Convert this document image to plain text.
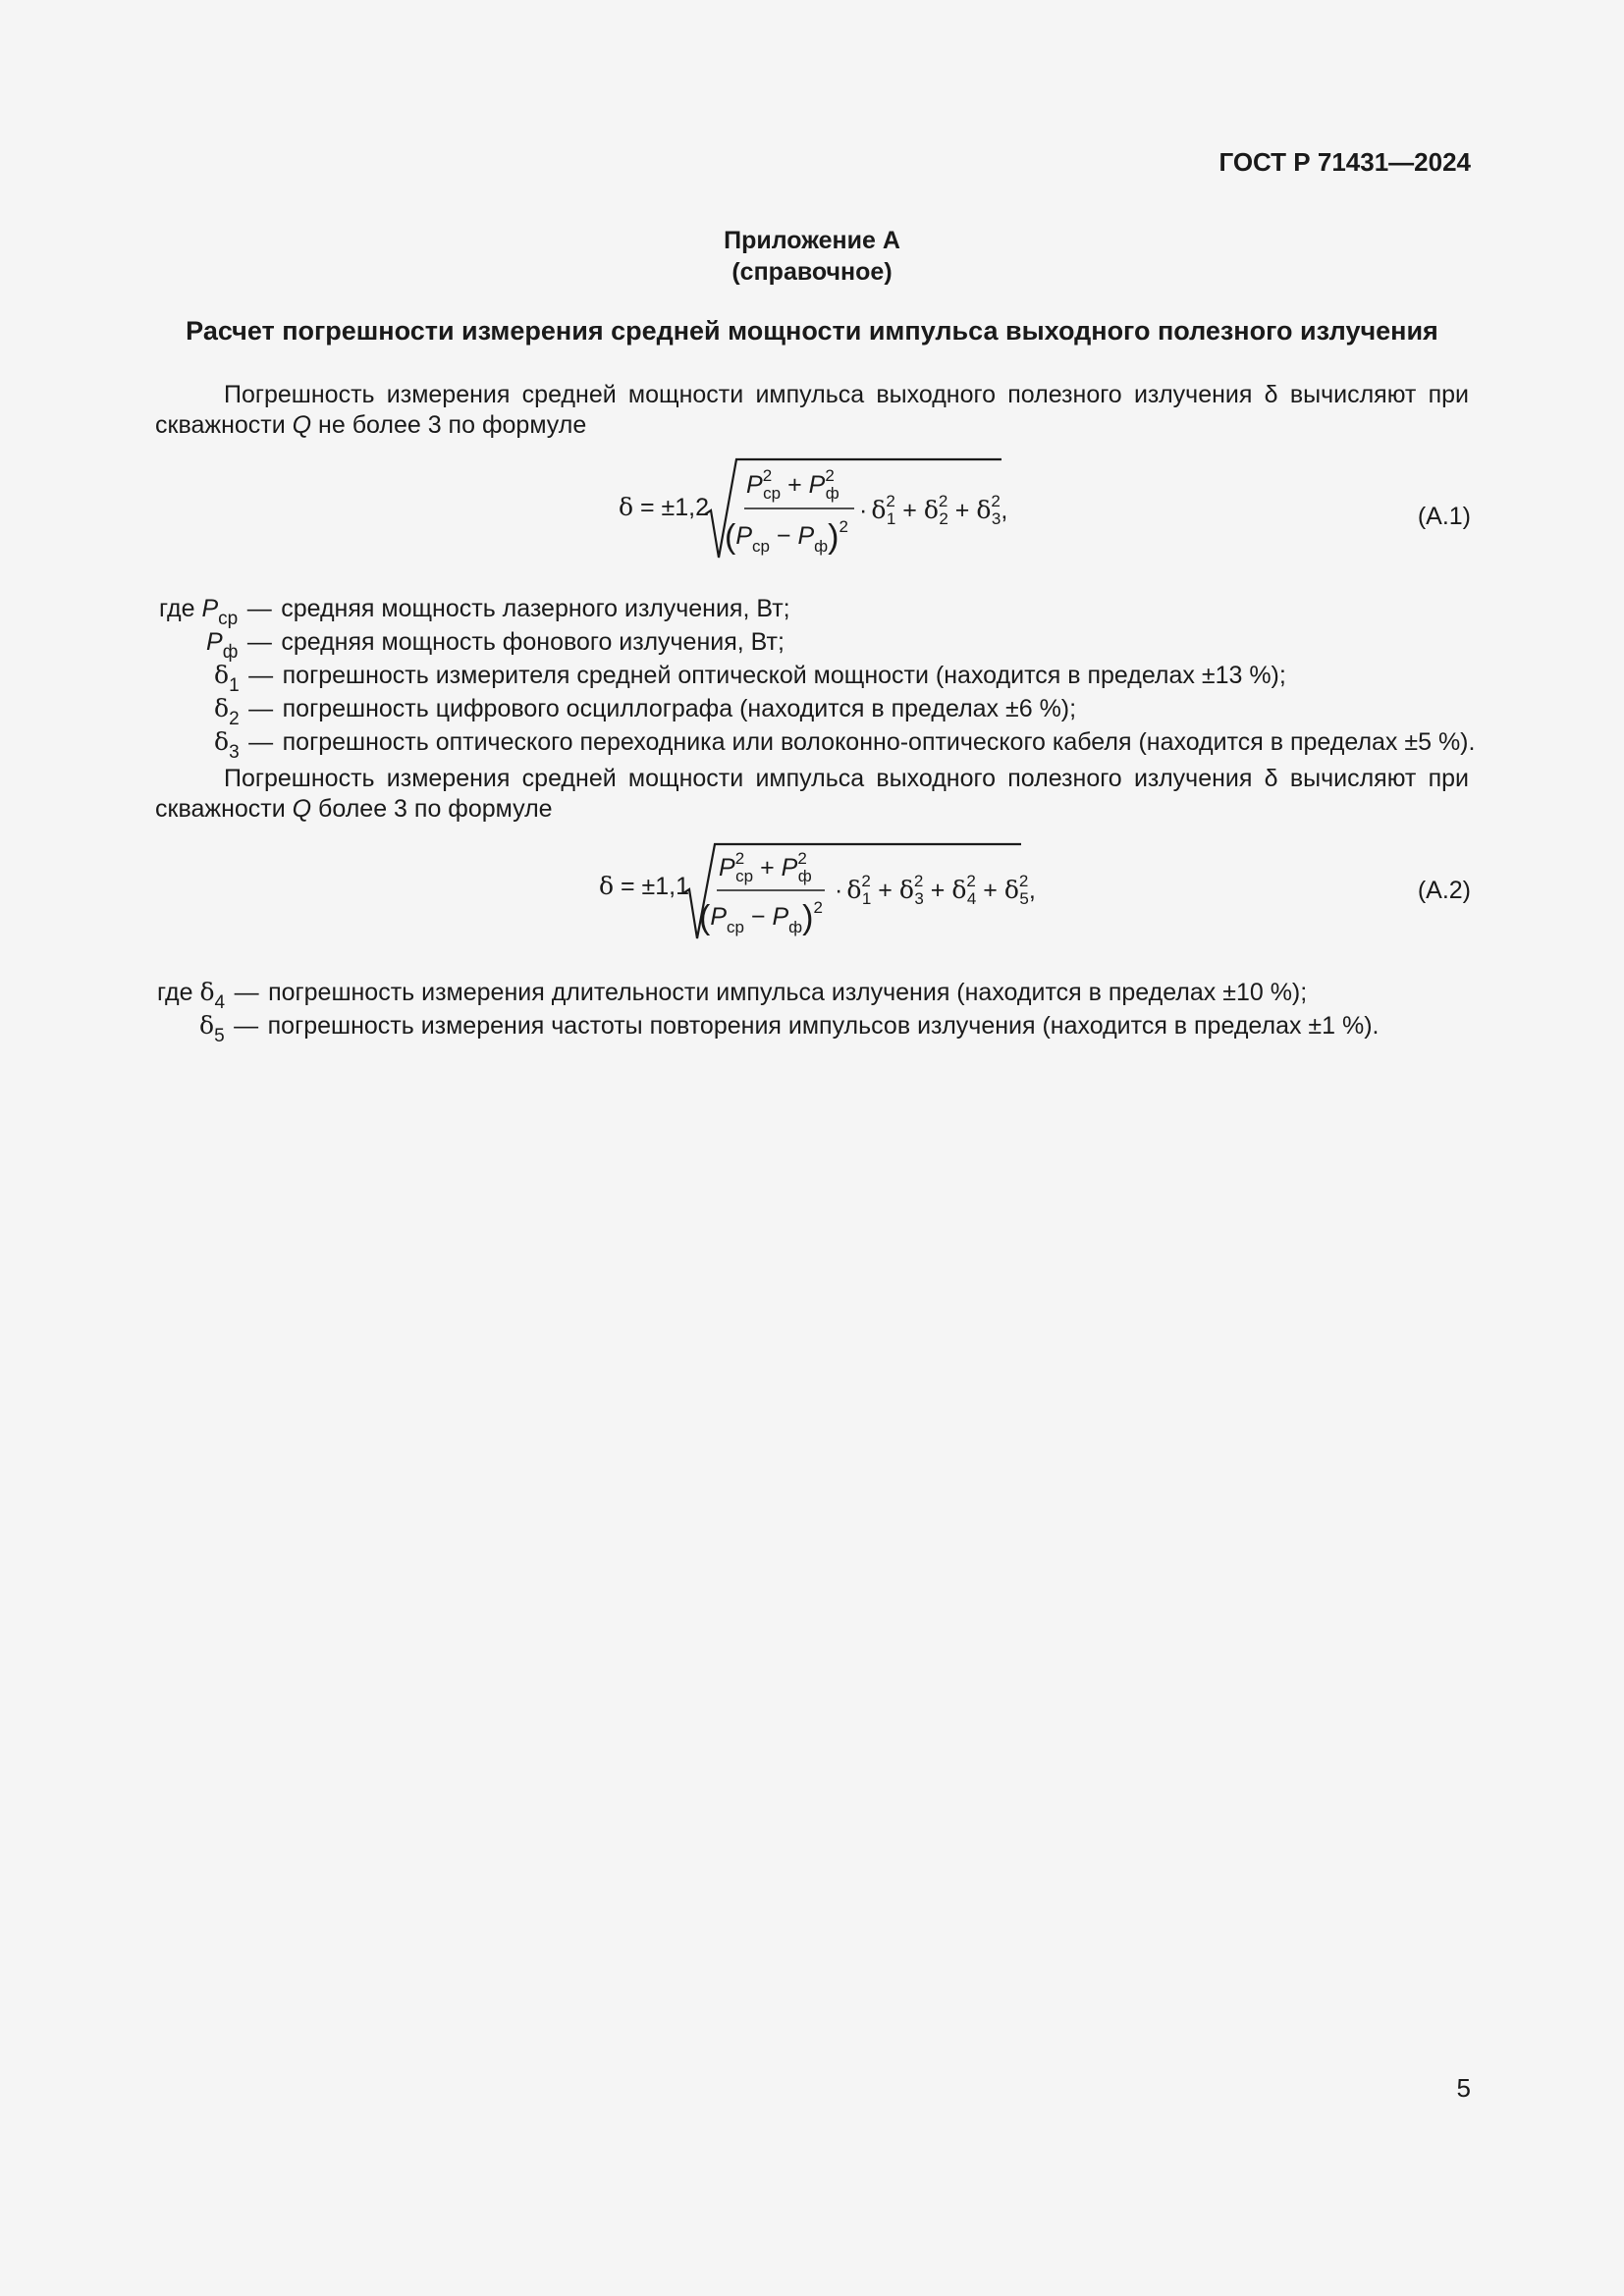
ГОСТ Р 71431—2024
Приложение А
(справочное)
Расчет погрешности измерения средней мощности импульса выходного полезного излучения
Погрешность измерения средней мощности импульса выходного полезного излучения δ вычисляют при скважности Q не более 3 по формуле
δ = ±1,2
$P^2$ ср + $P^2$ ф
$(P_{ср} - P_ф)^2$
· $\delta^2$ $1 + \delta^2$ $2 + \delta^2$ 3,	(А.1)
где $P_{ср}$ — средняя мощность лазерного излучения, Вт;
$P_ф$ — средняя мощность фонового излучения, Вт;
$\delta_1$ — погрешность измерителя средней оптической мощности (находится в пределах ±13 %);
$\delta_2$ — погрешность цифрового осциллографа (находится в пределах ±6 %);
$\delta_3$ — погрешность оптического переходника или волоконно-оптического кабеля (находится в пределах ±5 %).
Погрешность измерения средней мощности импульса выходного полезного излучения δ вычисляют при скважности Q более 3 по формуле
δ = ±1,1
$P^2$ ср + $P^2$ ф
$(P_{ср} - P_ф)^2$
· $\delta^2$ $1 + \delta^2$ $3 + \delta^2$ $4 + \delta^2$ 5,	(А.2)
где $\delta_4$ — погрешность измерения длительности импульса излучения (находится в пределах ±10 %);
$\delta_5$ — погрешность измерения частоты повторения импульсов излучения (находится в пределах ±1 %).
5
